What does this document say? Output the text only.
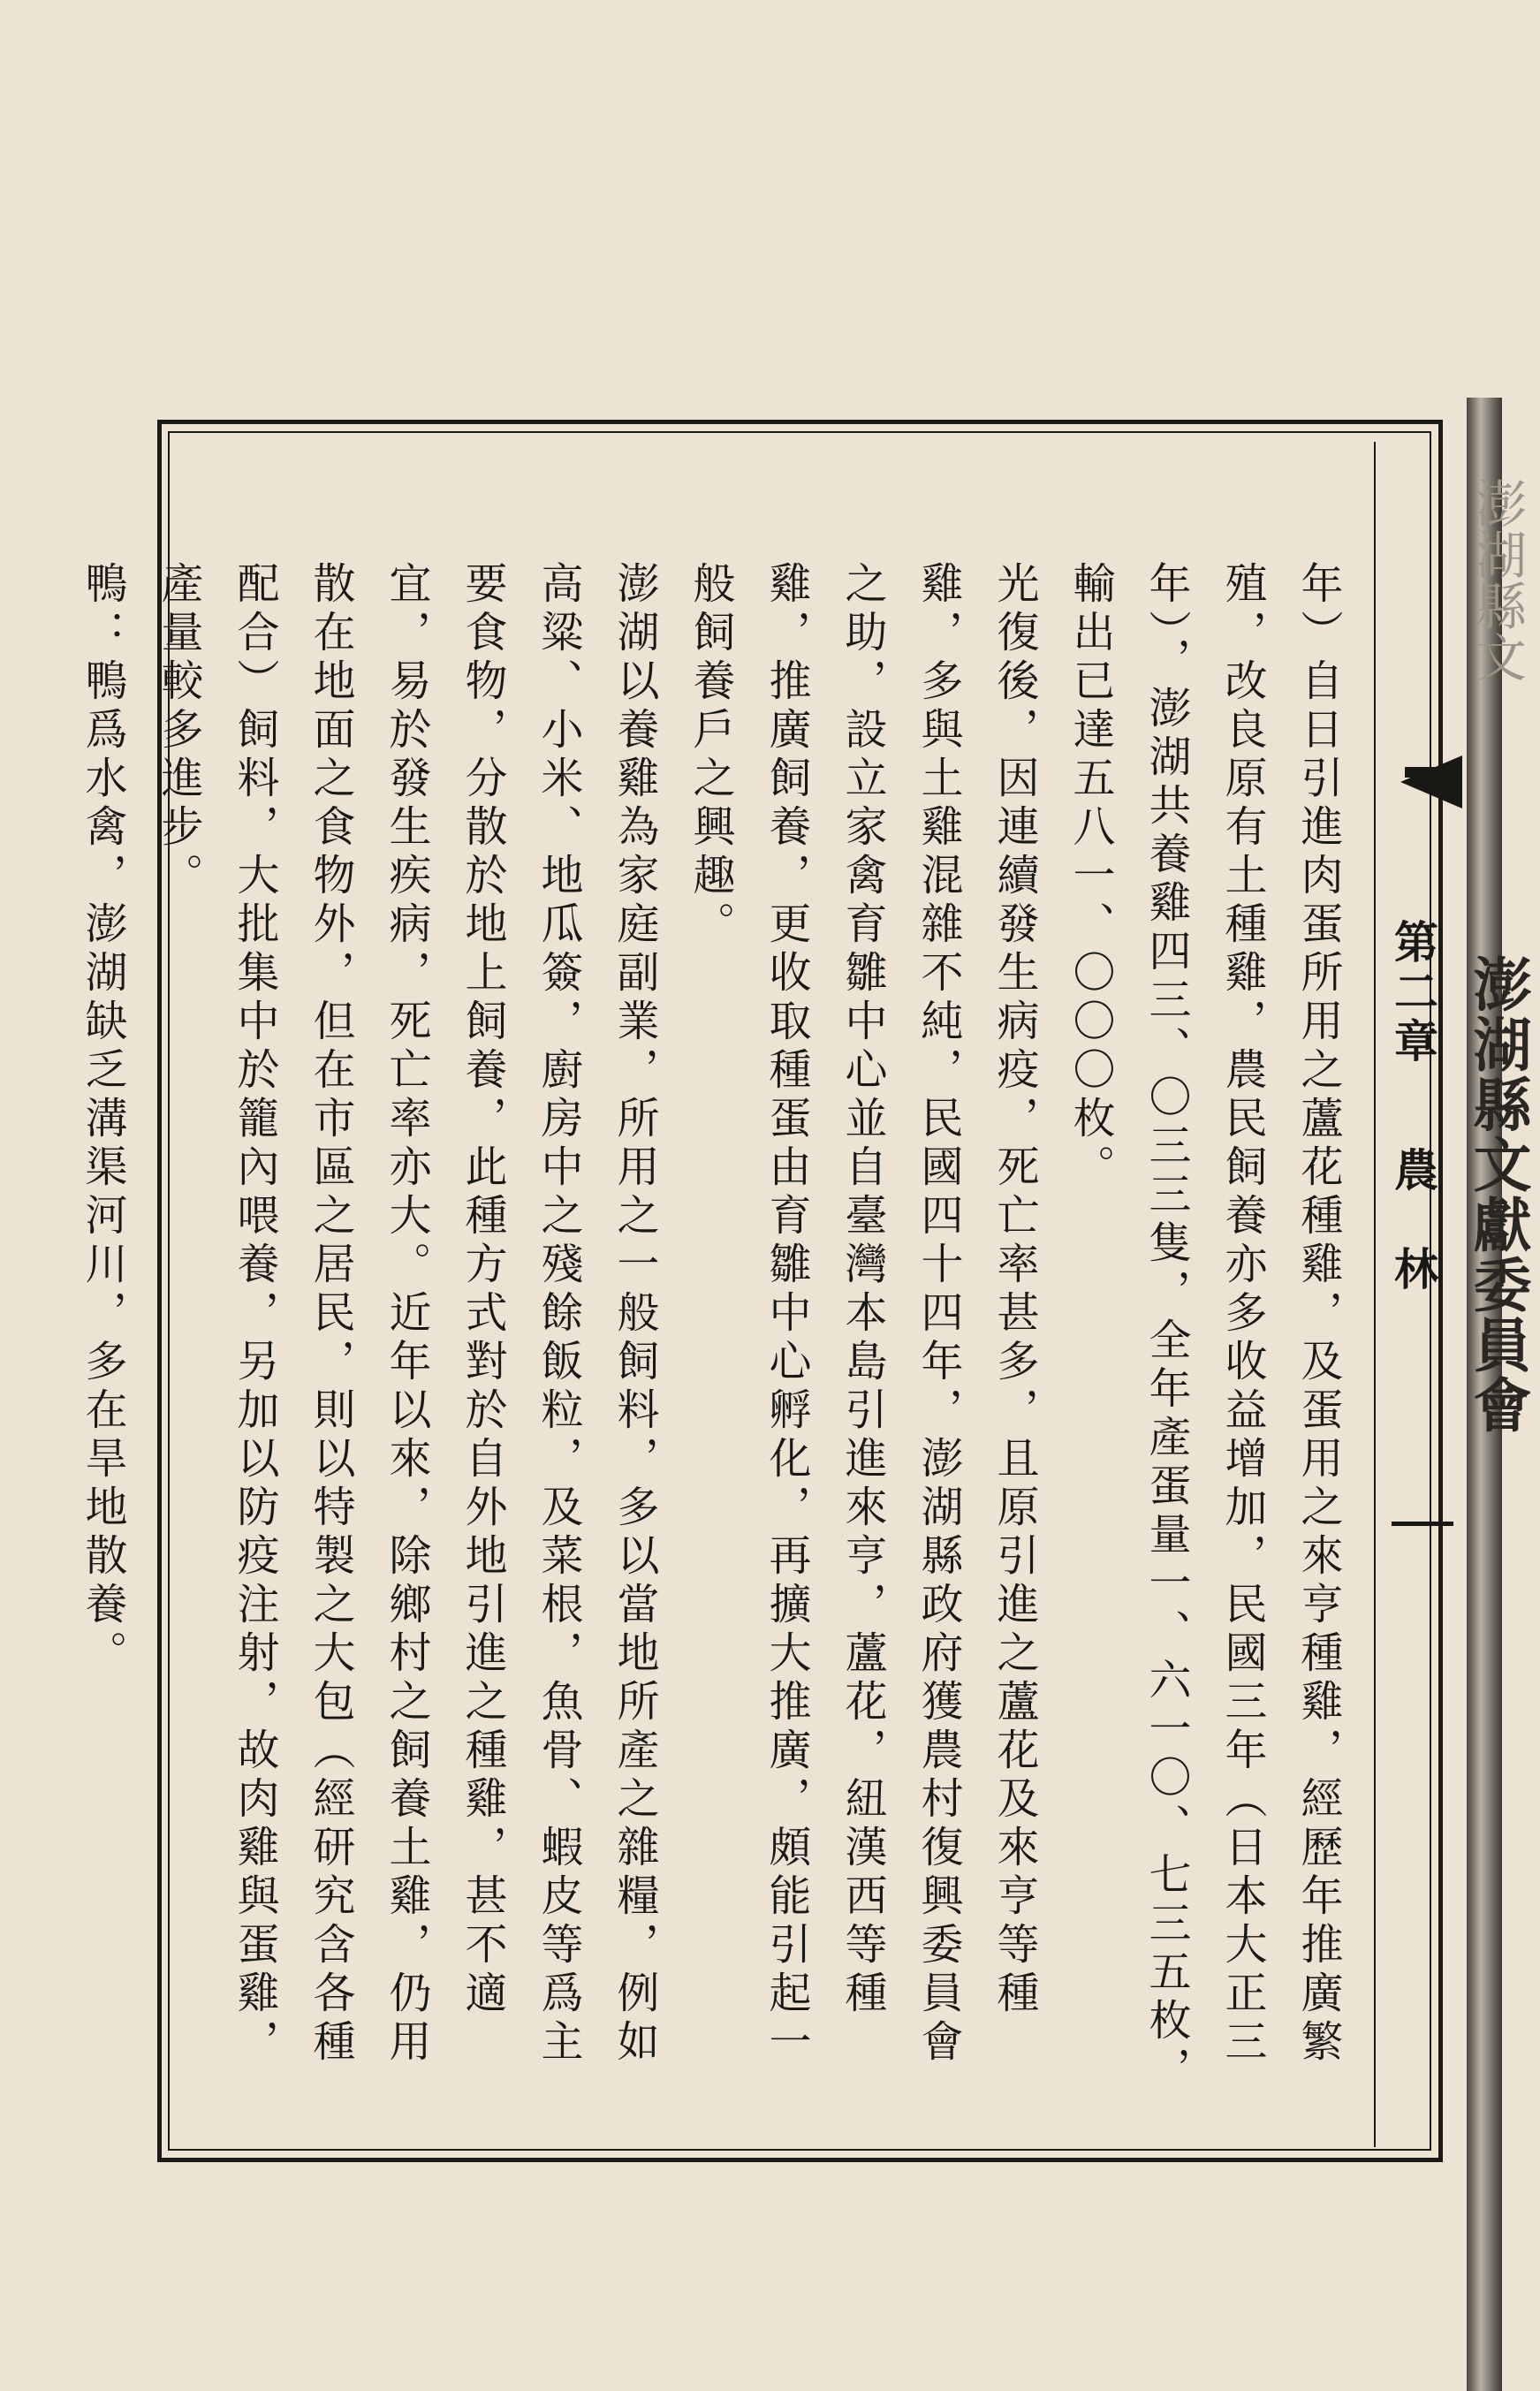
澎湖縣文
澎湖縣文獻委員會
第二章農　林

年）自日引進肉蛋所用之蘆花種雞，及蛋用之來亨種雞，經歷年推廣繁殖，改良原有土種雞，農民飼養亦多收益增加，民國三年（日本大正三年），澎湖共養雞四三、〇三三隻，全年產蛋量一、六一〇、七三五枚，輸出已達五八一、〇〇〇枚。

光復後，因連續發生病疫，死亡率甚多，且原引進之蘆花及來亨等種雞，多與土雞混雜不純，民國四十四年，澎湖縣政府獲農村復興委員會之助，設立家禽育雛中心並自臺灣本島引進來亨，蘆花，紐漢西等種雞，推廣飼養，更收取種蛋由育雛中心孵化，再擴大推廣，頗能引起一般飼養戶之興趣。

澎湖以養雞為家庭副業，所用之一般飼料，多以當地所產之雜糧，例如高粱、小米、地瓜簽，廚房中之殘餘飯粒，及菜根，魚骨、蝦皮等爲主要食物，分散於地上飼養，此種方式對於自外地引進之種雞，甚不適宜，易於發生疾病，死亡率亦大。近年以來，除鄉村之飼養土雞，仍用散在地面之食物外，但在市區之居民，則以特製之大包（經研究含各種配合）飼料，大批集中於籠內喂養，另加以防疫注射，故肉雞與蛋雞，產量較多進步。

鴨：鴨爲水禽，澎湖缺乏溝渠河川，多在旱地散養。
